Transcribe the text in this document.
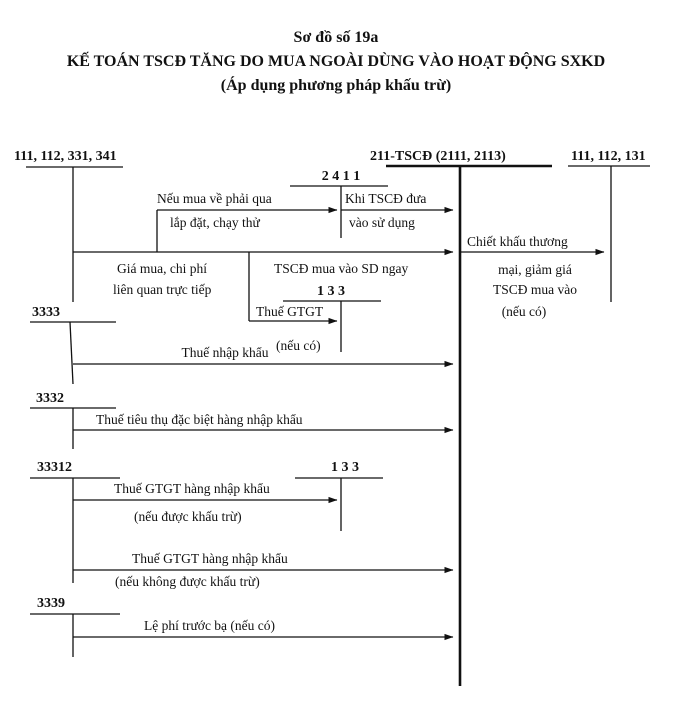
Sơ đồ số 19a
KẾ TOÁN TSCĐ TĂNG DO MUA NGOÀI DÙNG VÀO HOẠT ĐỘNG SXKD
(Áp dụng phương pháp khấu trừ)
111, 112, 331, 341	211-TSCĐ (2111, 2113)	111, 112, 131
2 4 1 1
Nếu mua về phải qua
lắp đặt, chạy thử
Khi TSCĐ đưa
vào sử dụng
Giá mua, chi phí
liên quan trực tiếp
TSCĐ mua vào SD ngay
Chiết khấu thương
mại, giảm giá
TSCĐ mua vào
(nếu có)
1 3 3
Thuế GTGT
(nếu có)
3333
Thuế nhập khẩu
3332
Thuế tiêu thụ đặc biệt hàng nhập khẩu
33312	1 3 3
Thuế GTGT hàng nhập khẩu
(nếu được khấu trừ)
Thuế GTGT hàng nhập khẩu
(nếu không được khấu trừ)
3339
Lệ phí trước bạ (nếu có)
